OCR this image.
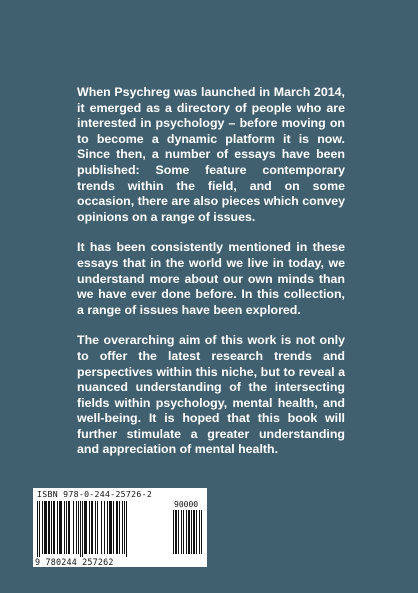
When Psychreg was launched in March 2014, it emerged as a directory of people who are interested in psychology – before moving on to become a dynamic platform it is now. Since then, a number of essays have been published: Some feature contemporary trends within the field, and on some occasion, there are also pieces which convey opinions on a range of issues.

It has been consistently mentioned in these essays that in the world we live in today, we understand more about our own minds than we have ever done before. In this collection, a range of issues have been explored.

The overarching aim of this work is not only to offer the latest research trends and perspectives within this niche, but to reveal a nuanced understanding of the intersecting fields within psychology, mental health, and well-being. It is hoped that this book will further stimulate a greater understanding and appreciation of mental health.

ISBN 978-0-244-25726-2
90000
9 780244 257262
